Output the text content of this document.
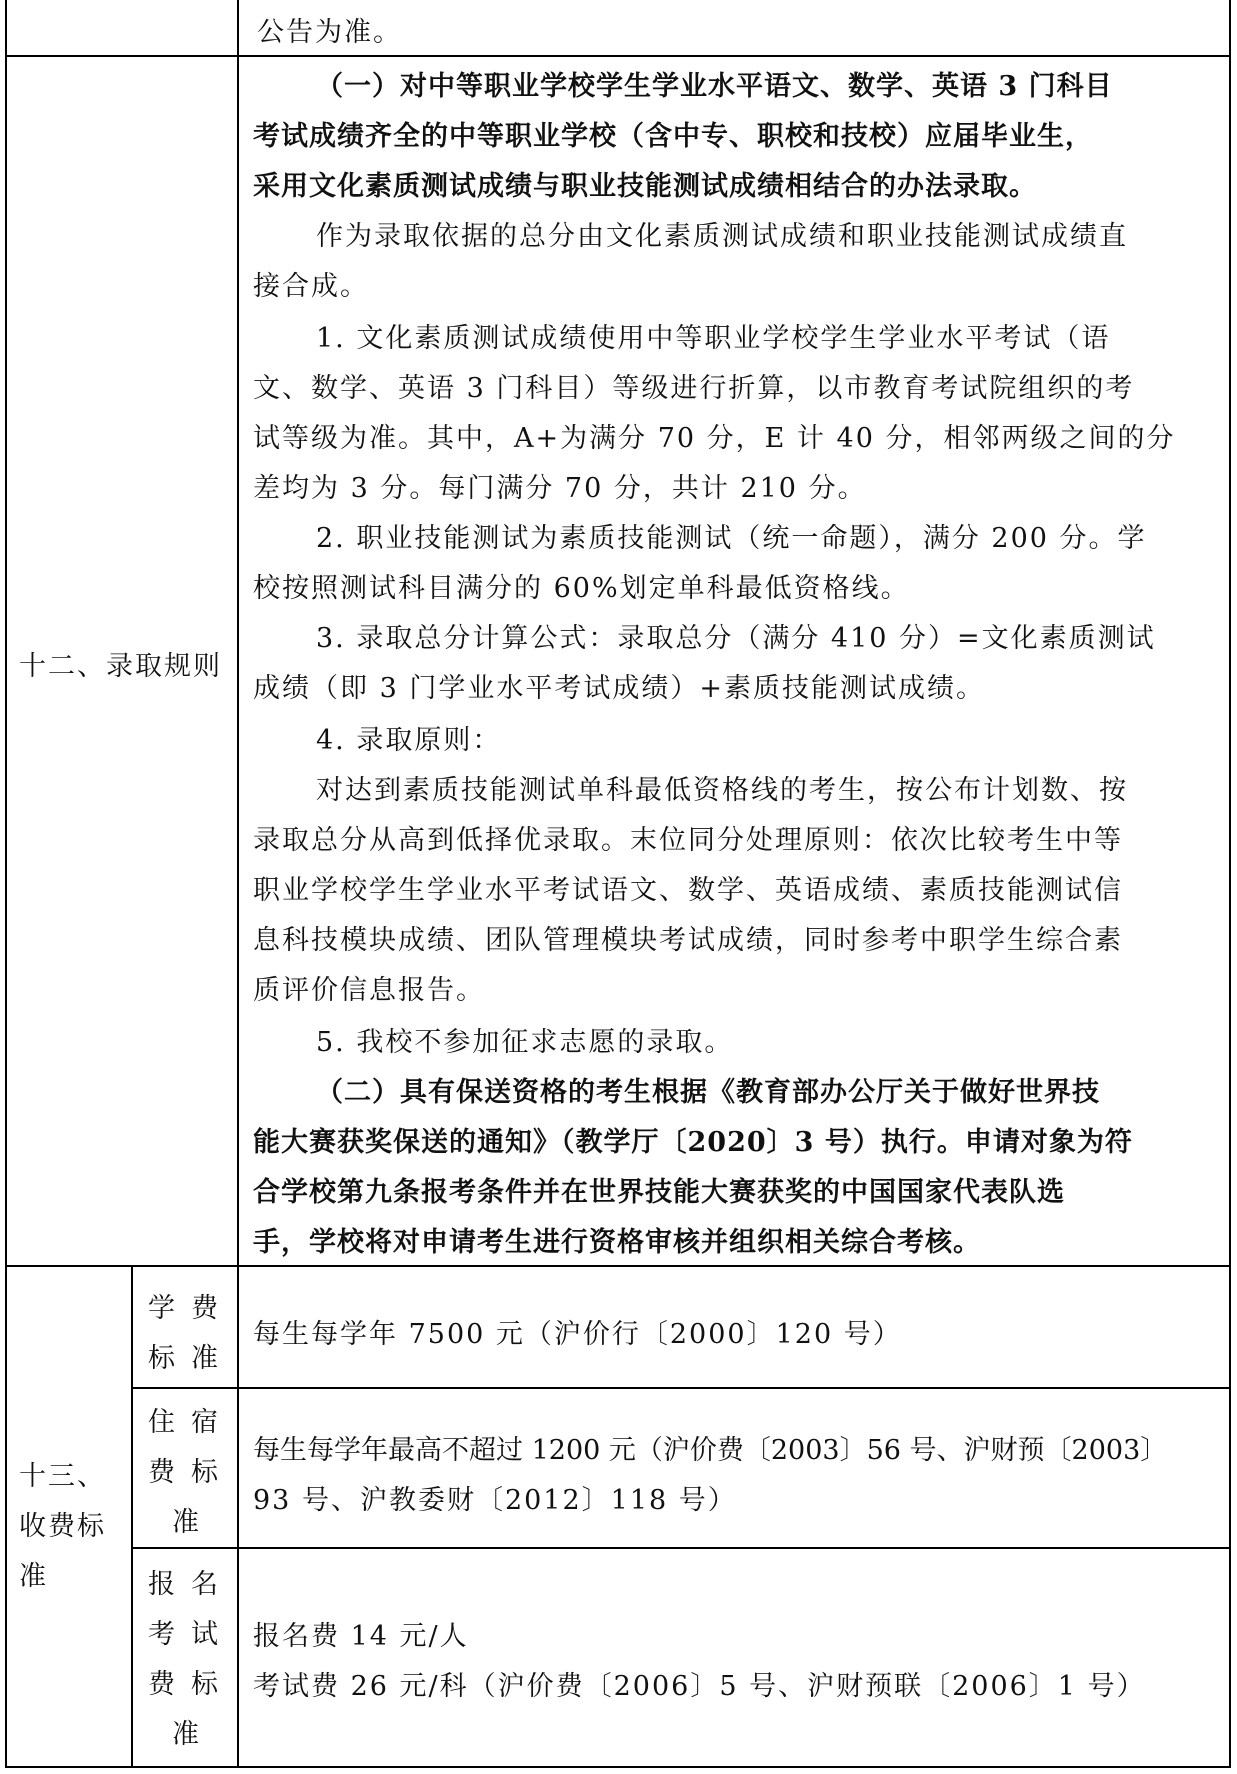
公告为准。
十二、录取规则
（一）对中等职业学校学生学业水平语文、数学、英语 3 门科目
考试成绩齐全的中等职业学校（含中专、职校和技校）应届毕业生，
采用文化素质测试成绩与职业技能测试成绩相结合的办法录取。
作为录取依据的总分由文化素质测试成绩和职业技能测试成绩直
接合成。
1. 文化素质测试成绩使用中等职业学校学生学业水平考试（语
文、数学、英语 3 门科目）等级进行折算，以市教育考试院组织的考
试等级为准。其中，A+为满分 70 分，E 计 40 分，相邻两级之间的分
差均为 3 分。每门满分 70 分，共计 210 分。
2. 职业技能测试为素质技能测试（统一命题），满分 200 分。学
校按照测试科目满分的 60%划定单科最低资格线。
3. 录取总分计算公式：录取总分（满分 410 分）=文化素质测试
成绩（即 3 门学业水平考试成绩）+素质技能测试成绩。
4. 录取原则：
对达到素质技能测试单科最低资格线的考生，按公布计划数、按
录取总分从高到低择优录取。末位同分处理原则：依次比较考生中等
职业学校学生学业水平考试语文、数学、英语成绩、素质技能测试信
息科技模块成绩、团队管理模块考试成绩，同时参考中职学生综合素
质评价信息报告。
5. 我校不参加征求志愿的录取。
（二）具有保送资格的考生根据《教育部办公厅关于做好世界技
能大赛获奖保送的通知》（教学厅〔2020〕3 号）执行。申请对象为符
合学校第九条报考条件并在世界技能大赛获奖的中国国家代表队选
手，学校将对申请考生进行资格审核并组织相关综合考核。
十三、
收费标
准
学费
标准
每生每学年 7500 元（沪价行〔2000〕120 号）
住宿
费标
准
每生每学年最高不超过 1200 元（沪价费〔2003〕56 号、沪财预〔2003〕
93 号、沪教委财〔2012〕118 号）
报名
考试
费标
准
报名费 14 元/人
考试费 26 元/科（沪价费〔2006〕5 号、沪财预联〔2006〕1 号）
